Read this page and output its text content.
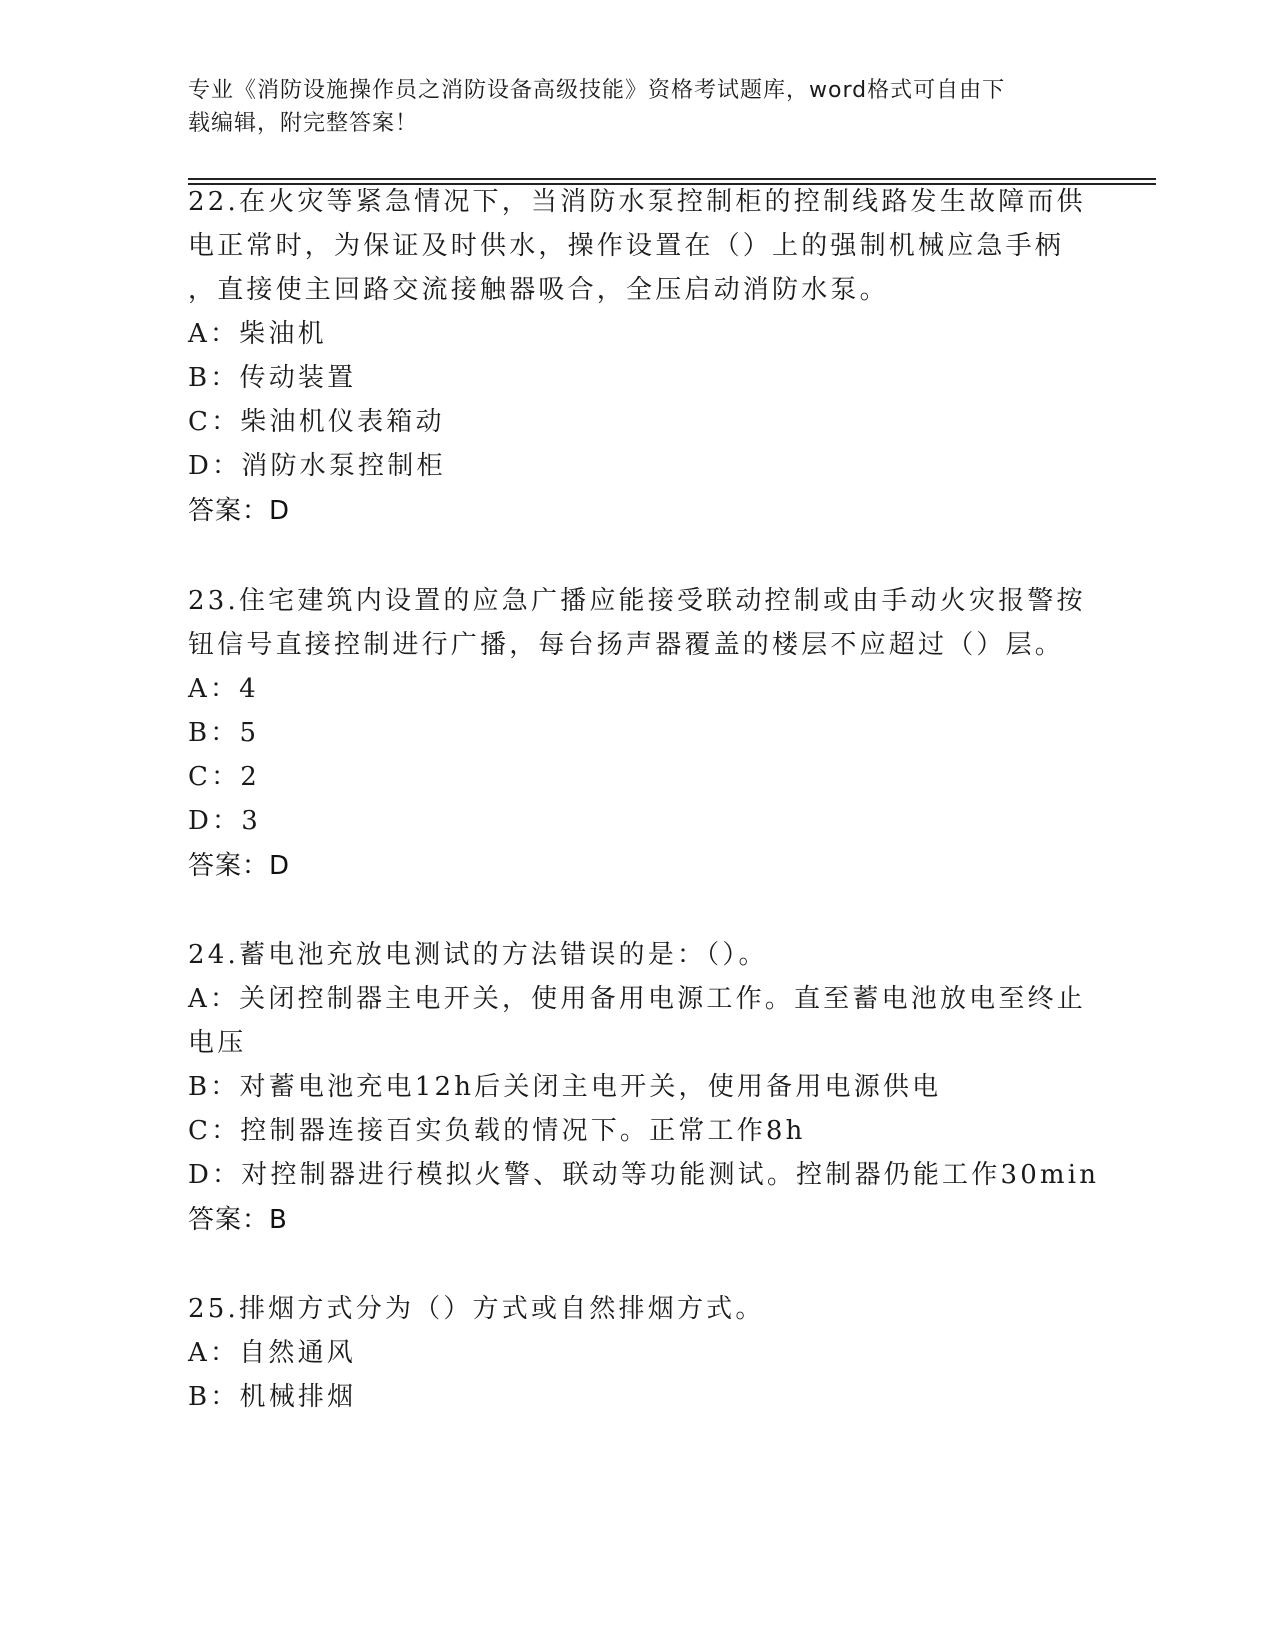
专业《消防设施操作员之消防设备高级技能》资格考试题库，word格式可自由下
载编辑，附完整答案！
22.在火灾等紧急情况下，当消防水泵控制柜的控制线路发生故障而供
电正常时，为保证及时供水，操作设置在（）上的强制机械应急手柄
，直接使主回路交流接触器吸合，全压启动消防水泵。
A：柴油机
B：传动装置
C：柴油机仪表箱动
D：消防水泵控制柜
答案：D
23.住宅建筑内设置的应急广播应能接受联动控制或由手动火灾报警按
钮信号直接控制进行广播，每台扬声器覆盖的楼层不应超过（）层。
A：4
B：5
C：2
D：3
答案：D
24.蓄电池充放电测试的方法错误的是：（）。
A：关闭控制器主电开关，使用备用电源工作。直至蓄电池放电至终止
电压
B：对蓄电池充电12h后关闭主电开关，使用备用电源供电
C：控制器连接百实负载的情况下。正常工作8h
D：对控制器进行模拟火警、联动等功能测试。控制器仍能工作30min
答案：B
25.排烟方式分为（）方式或自然排烟方式。
A：自然通风
B：机械排烟
